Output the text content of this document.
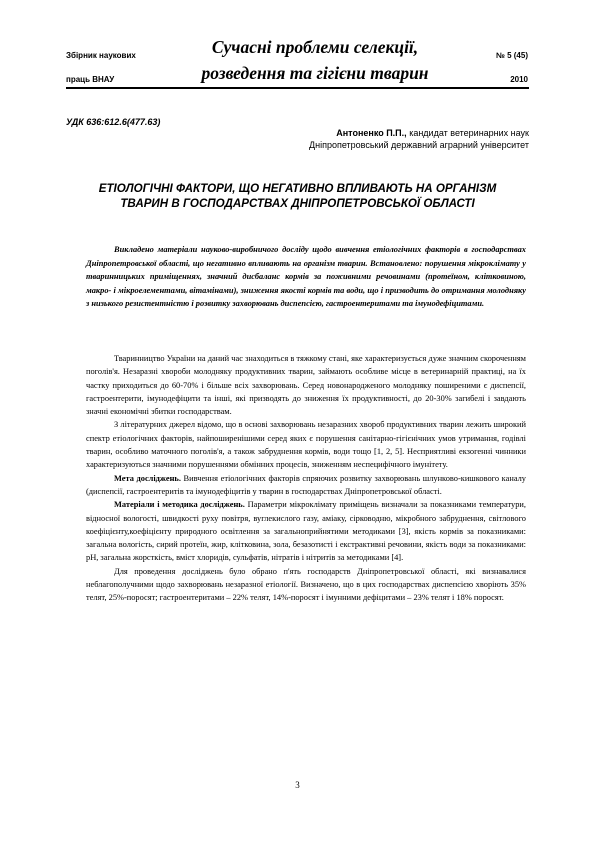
Збірник наукових
праць ВНАУ
Сучасні проблеми селекції,
розведення та гігієни тварин
№ 5 (45)
2010
УДК 636:612.6(477.63)
Антоненко П.П., кандидат ветеринарних наук
Дніпропетровський державний аграрний університет
ЕТІОЛОГІЧНІ ФАКТОРИ, ЩО НЕГАТИВНО ВПЛИВАЮТЬ НА ОРГАНІЗМ ТВАРИН В ГОСПОДАРСТВАХ ДНІПРОПЕТРОВСЬКОЇ ОБЛАСТІ
Викладено матеріали науково-виробничого досліду щодо вивчення етіологічних факторів в господарствах Дніпропетровської області, що негативно впливають на організм тварин. Встановлено: порушення мікроклімату у тваринницьких приміщеннях, значний дисбаланс кормів за поживними речовинами (протеїном, клітковиною, макро- і мікроелементами, вітамінами), зниження якості кормів та води, що і призводить до отримання молодняку з низького резистентністю і розвитку захворювань диспепсією, гастроентеритами та імунодефіцитами.

Тваринництво України на даний час знаходиться в тяжкому стані, яке характеризується дуже значним скороченням поголів'я. Незаразні хвороби молодняку продуктивних тварин, займають особливе місце в ветеринарній практиці, на їх частку приходиться до 60-70% і більше всіх захворювань. Серед новонародженого молодняку поширеними є диспепсії, гастроентерити, імунодефіцити та інші, які призводять до зниження їх продуктивності, до 20-30% загибелі і завдають значні економічні збитки господарствам.

З літературних джерел відомо, що в основі захворювань незаразних хвороб продуктивних тварин лежить широкий спектр етіологічних факторів, найпоширенішими серед яких є порушення санітарно-гігієнічних умов утримання, годівлі тварин, особливо маточного поголів'я, а також забруднення кормів, води тощо [1, 2, 5]. Несприятливі екзогенні чинники характеризуються значними порушеннями обмінних процесів, зниженням неспецифічного імунітету.

Мета досліджень. Вивчення етіологічних факторів спряючих розвитку захворювань шлунково-кишкового каналу (диспепсії, гастроентеритів та імунодефіцитів у тварин в господарствах Дніпропетровської області.

Матеріали і методика досліджень. Параметри мікроклімату приміщень визначали за показниками температури, відносної вологості, швидкості руху повітря, вуглекислого газу, аміаку, сірководню, мікробного забруднення, світлового коефіцієнту,коефіцієнту природного освітлення за загальноприйнятими методиками [3], якість кормів за показниками: загальна вологість, сирий протеїн, жир, клітковина, зола, безазотисті і екстрактивні речовини, якість води за показниками: рН, загальна жорсткість, вміст хлоридів, сульфатів, нітратів і нітритів за методиками [4].

Для проведення досліджень було обрано п'ять господарств Дніпропетровської області, які визнавалися неблагополучними щодо захворювань незаразної етіології. Визначено, що в цих господарствах диспепсією хворіють 35% телят, 25%-поросят; гастроентеритами – 22% телят, 14%-поросят і імунними дефіцитами – 23% телят і 18% поросят.

3
